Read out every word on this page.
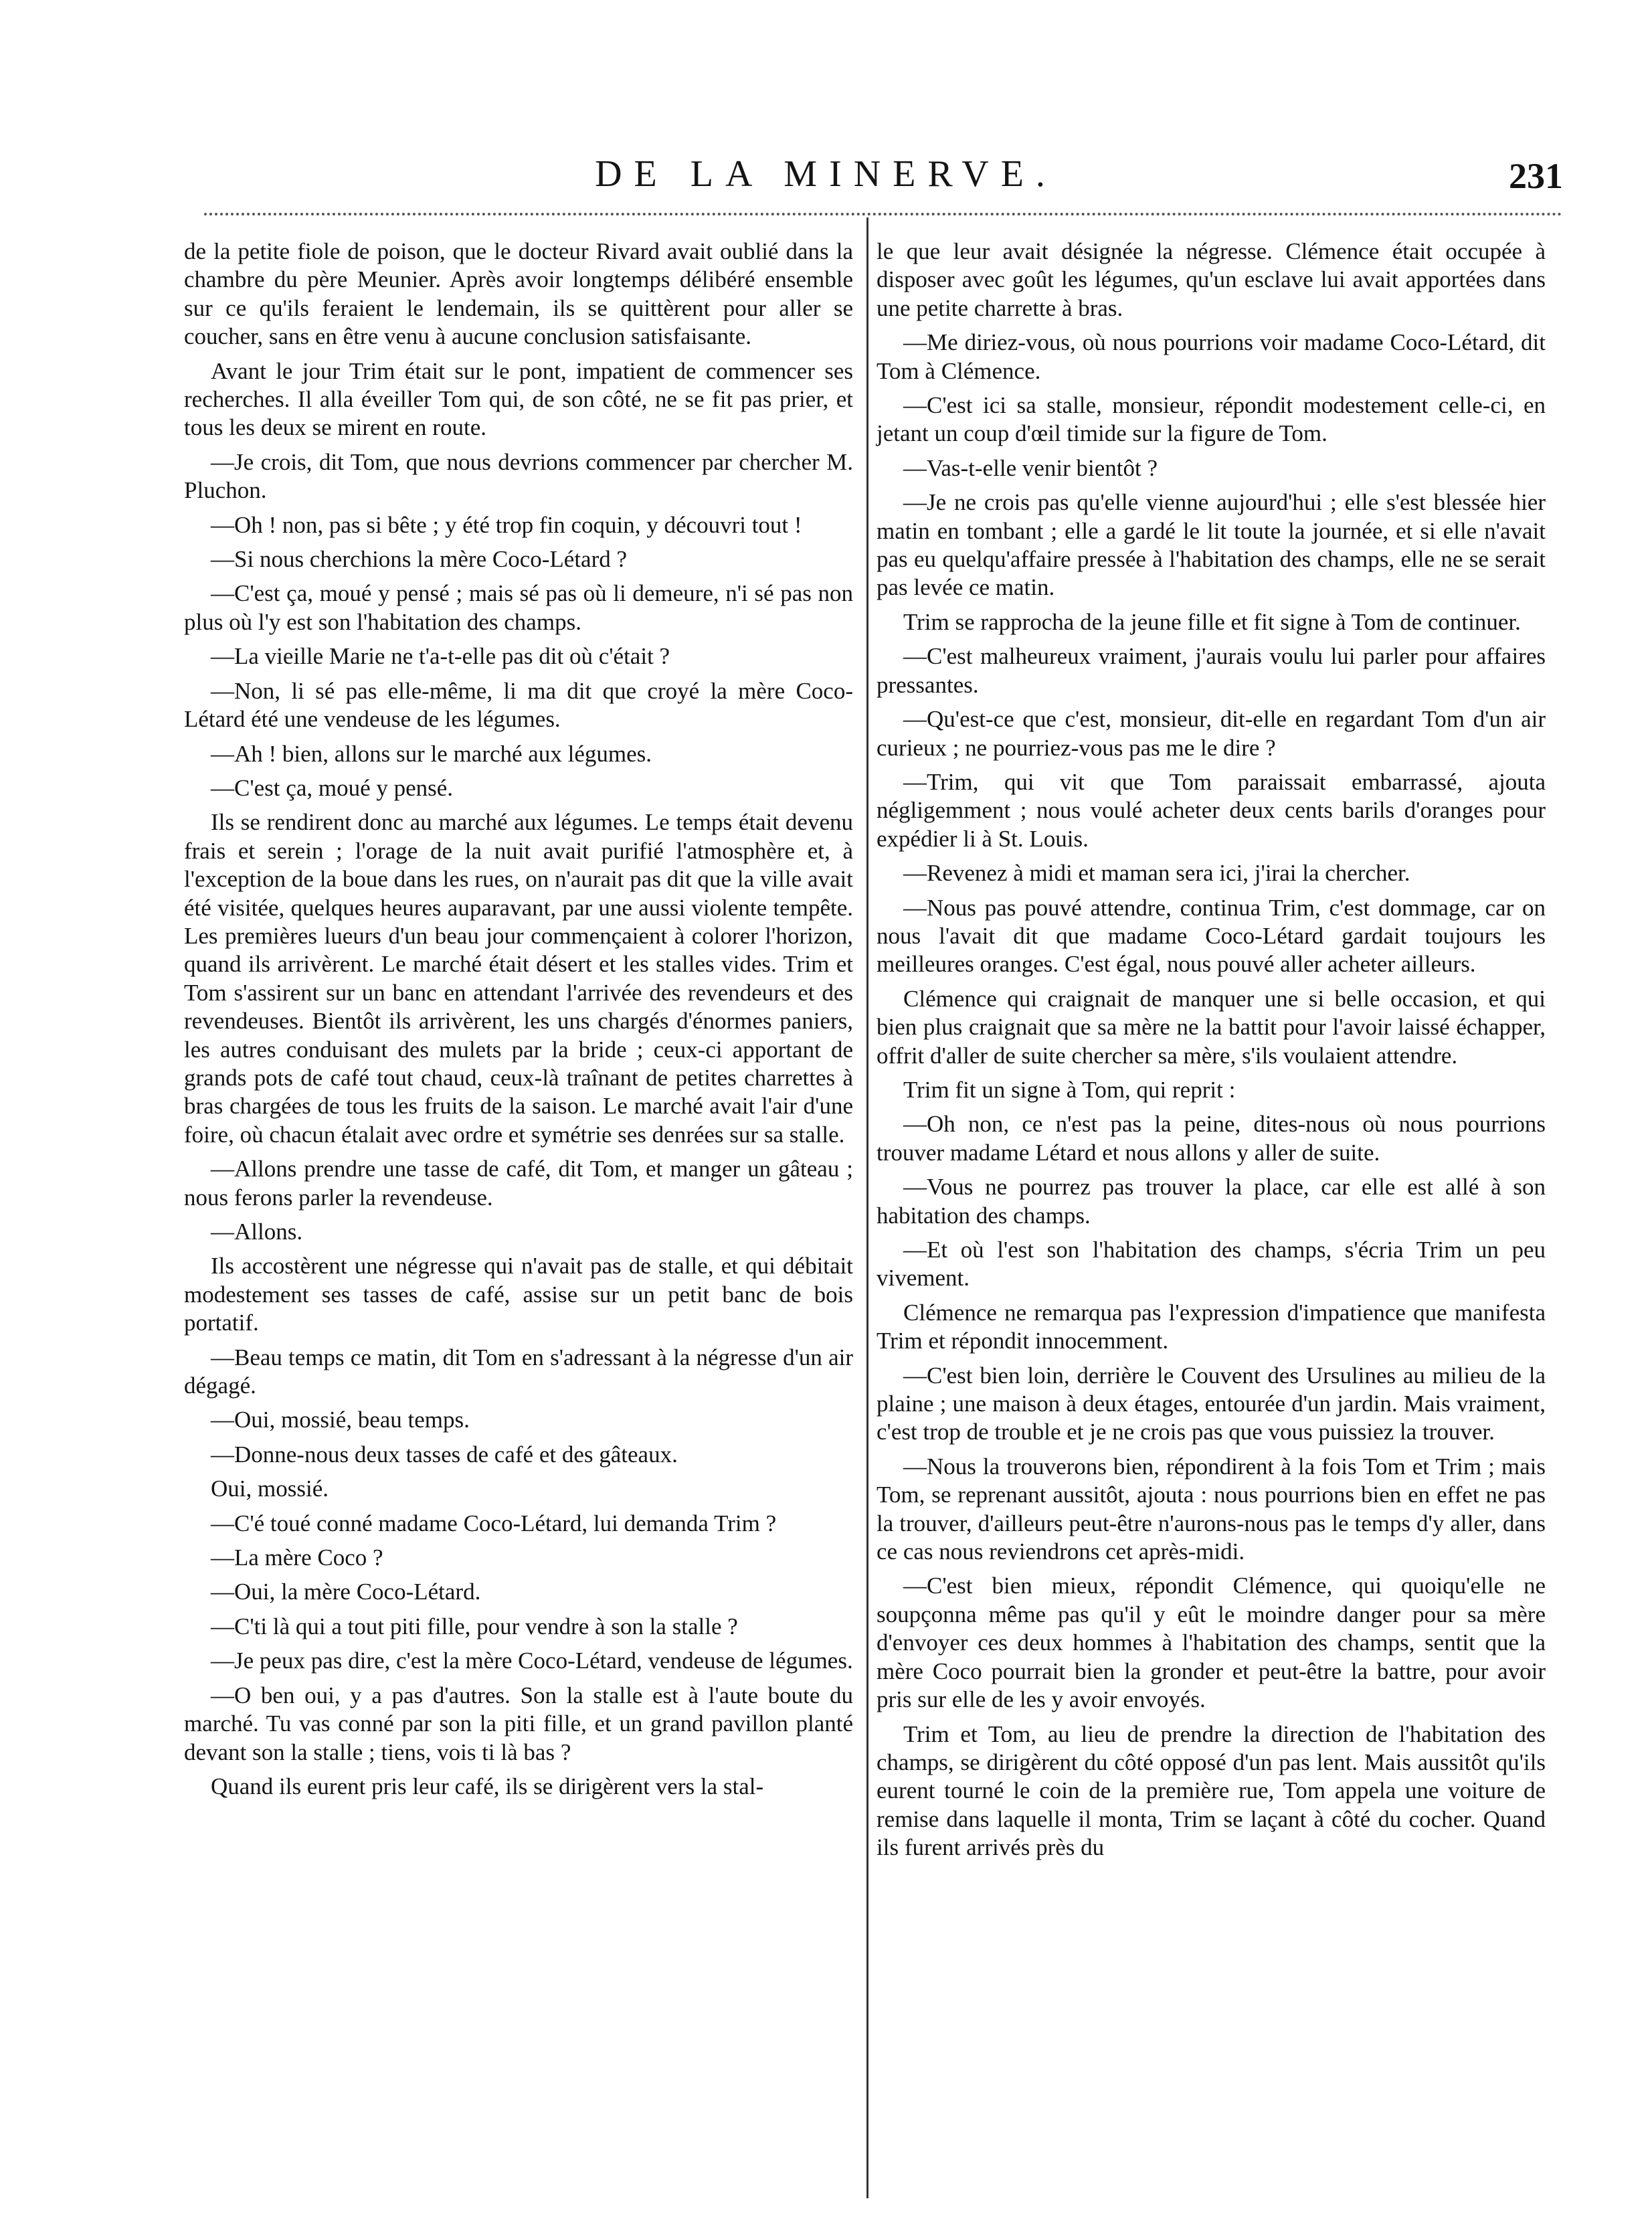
DE LA MINERVE.	231

de la petite fiole de poison, que le docteur Rivard avait oublié dans la chambre du père Meunier. Après avoir longtemps délibéré ensemble sur ce qu'ils feraient le lendemain, ils se quittèrent pour aller se coucher, sans en être venu à aucune conclusion satisfaisante.

Avant le jour Trim était sur le pont, impatient de commencer ses recherches. Il alla éveiller Tom qui, de son côté, ne se fit pas prier, et tous les deux se mirent en route.

—Je crois, dit Tom, que nous devrions commencer par chercher M. Pluchon.

—Oh ! non, pas si bête ; y été trop fin coquin, y découvri tout !

—Si nous cherchions la mère Coco-Létard ?

—C'est ça, moué y pensé ; mais sé pas où li demeure, n'i sé pas non plus où l'y est son l'habitation des champs.

—La vieille Marie ne t'a-t-elle pas dit où c'était ?

—Non, li sé pas elle-même, li ma dit que croyé la mère Coco-Létard été une vendeuse de les légumes.

—Ah ! bien, allons sur le marché aux légumes.

—C'est ça, moué y pensé.

Ils se rendirent donc au marché aux légumes. Le temps était devenu frais et serein ; l'orage de la nuit avait purifié l'atmosphère et, à l'exception de la boue dans les rues, on n'aurait pas dit que la ville avait été visitée, quelques heures auparavant, par une aussi violente tempête. Les premières lueurs d'un beau jour commençaient à colorer l'horizon, quand ils arrivèrent. Le marché était désert et les stalles vides. Trim et Tom s'assirent sur un banc en attendant l'arrivée des revendeurs et des revendeuses. Bientôt ils arrivèrent, les uns chargés d'énormes paniers, les autres conduisant des mulets par la bride ; ceux-ci apportant de grands pots de café tout chaud, ceux-là traînant de petites charrettes à bras chargées de tous les fruits de la saison. Le marché avait l'air d'une foire, où chacun étalait avec ordre et symétrie ses denrées sur sa stalle.

—Allons prendre une tasse de café, dit Tom, et manger un gâteau ; nous ferons parler la revendeuse.

—Allons.

Ils accostèrent une négresse qui n'avait pas de stalle, et qui débitait modestement ses tasses de café, assise sur un petit banc de bois portatif.

—Beau temps ce matin, dit Tom en s'adressant à la négresse d'un air dégagé.

—Oui, mossié, beau temps.

—Donne-nous deux tasses de café et des gâteaux.

Oui, mossié.

—C'é toué conné madame Coco-Létard, lui demanda Trim ?

—La mère Coco ?

—Oui, la mère Coco-Létard.

—C'ti là qui a tout piti fille, pour vendre à son la stalle ?

—Je peux pas dire, c'est la mère Coco-Létard, vendeuse de légumes.

—O ben oui, y a pas d'autres. Son la stalle est à l'aute boute du marché. Tu vas conné par son la piti fille, et un grand pavillon planté devant son la stalle ; tiens, vois ti là bas ?

Quand ils eurent pris leur café, ils se dirigèrent vers la stal-

le que leur avait désignée la négresse. Clémence était occupée à disposer avec goût les légumes, qu'un esclave lui avait apportées dans une petite charrette à bras.

—Me diriez-vous, où nous pourrions voir madame Coco-Létard, dit Tom à Clémence.

—C'est ici sa stalle, monsieur, répondit modestement celle-ci, en jetant un coup d'œil timide sur la figure de Tom.

—Vas-t-elle venir bientôt ?

—Je ne crois pas qu'elle vienne aujourd'hui ; elle s'est blessée hier matin en tombant ; elle a gardé le lit toute la journée, et si elle n'avait pas eu quelqu'affaire pressée à l'habitation des champs, elle ne se serait pas levée ce matin.

Trim se rapprocha de la jeune fille et fit signe à Tom de continuer.

—C'est malheureux vraiment, j'aurais voulu lui parler pour affaires pressantes.

—Qu'est-ce que c'est, monsieur, dit-elle en regardant Tom d'un air curieux ; ne pourriez-vous pas me le dire ?

—Trim, qui vit que Tom paraissait embarrassé, ajouta négligemment ; nous voulé acheter deux cents barils d'oranges pour expédier li à St. Louis.

—Revenez à midi et maman sera ici, j'irai la chercher.

—Nous pas pouvé attendre, continua Trim, c'est dommage, car on nous l'avait dit que madame Coco-Létard gardait toujours les meilleures oranges. C'est égal, nous pouvé aller acheter ailleurs.

Clémence qui craignait de manquer une si belle occasion, et qui bien plus craignait que sa mère ne la battit pour l'avoir laissé échapper, offrit d'aller de suite chercher sa mère, s'ils voulaient attendre.

Trim fit un signe à Tom, qui reprit :

—Oh non, ce n'est pas la peine, dites-nous où nous pourrions trouver madame Létard et nous allons y aller de suite.

—Vous ne pourrez pas trouver la place, car elle est allé à son habitation des champs.

—Et où l'est son l'habitation des champs, s'écria Trim un peu vivement.

Clémence ne remarqua pas l'expression d'impatience que manifesta Trim et répondit innocemment.

—C'est bien loin, derrière le Couvent des Ursulines au milieu de la plaine ; une maison à deux étages, entourée d'un jardin. Mais vraiment, c'est trop de trouble et je ne crois pas que vous puissiez la trouver.

—Nous la trouverons bien, répondirent à la fois Tom et Trim ; mais Tom, se reprenant aussitôt, ajouta : nous pourrions bien en effet ne pas la trouver, d'ailleurs peut-être n'aurons-nous pas le temps d'y aller, dans ce cas nous reviendrons cet après-midi.

—C'est bien mieux, répondit Clémence, qui quoiqu'elle ne soupçonna même pas qu'il y eût le moindre danger pour sa mère d'envoyer ces deux hommes à l'habitation des champs, sentit que la mère Coco pourrait bien la gronder et peut-être la battre, pour avoir pris sur elle de les y avoir envoyés.

Trim et Tom, au lieu de prendre la direction de l'habitation des champs, se dirigèrent du côté opposé d'un pas lent. Mais aussitôt qu'ils eurent tourné le coin de la première rue, Tom appela une voiture de remise dans laquelle il monta, Trim se laçant à côté du cocher. Quand ils furent arrivés près du
